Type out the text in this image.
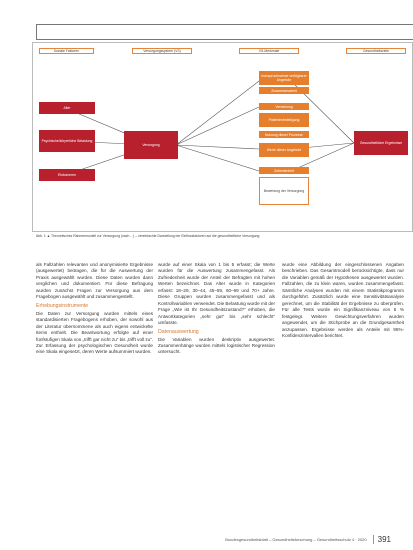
Soziale Faktoren	Versorgungssystem (VS)	VS-Merkmale	Gesundheitsziele
Alter
Psychische/körperliche Belastung
Einkommen
Versorgung
Inanspruchnahme verfügbarer Angebote
Zusammenarbeit
Vernetzung
Patientenbeteiligung
Nutzung dieser Prozesse
Werte dieser Angebote
Zufriedenheit
Bewertung der Versorgung
Gesundheitliche Ergebnisse
Abb. 1 ▲ Theoretisches Rahmenmodell zur Versorgung (nach ...) – vereinfachte Darstellung der Einflussfaktoren auf die gesundheitliche Versorgung

als Fallzahlen relevanten und anonymisierte Ergebnisse (ausgewertet) beitragen, die für die Auswertung der Praxis ausgewählt wurden. Diese Daten wurden dann verglichen und dokumentiert. Für diese Befragung wurden zunächst Fragen zur Versorgung aus dem Fragebogen ausgewählt und zusammengestellt.

Erhebungsinstrumente

Die Daten zur Versorgung wurden mittels eines standardisierten Fragebogens erhoben, der sowohl aus der Literatur übernommene als auch eigens entwickelte Items enthielt. Die Beantwortung erfolgte auf einer fünfstufigen Skala von „trifft gar nicht zu“ bis „trifft voll zu“. Zur Erfassung der psychologischen Gesundheit wurde eine Skala eingesetzt, deren Werte aufsummiert wurden.

wurde auf einer Skala von 1 bis 5 erfasst; die Werte wurden für die Auswertung zusammengefasst. Als Zufriedenheit wurde der Anteil der Befragten mit hohen Werten bezeichnet. Das Alter wurde in Kategorien erfasst: 18–29, 30–44, 45–59, 60–69 und 70+ Jahre. Diese Gruppen wurden zusammengefasst und als Kontrollvariablen verwendet. Die Belastung wurde mit der Frage „Wie ist Ihr Gesundheitszustand?“ erhoben, die Antwortkategorien „sehr gut“ bis „sehr schlecht“ umfasste.

Datenauswertung

Die Variablen wurden deskriptiv ausgewertet. Zusammenhänge wurden mittels logistischer Regression untersucht.

wurde eine Abbildung der eingeschlossenen Angaben beschrieben. Das Gesamtmodell berücksichtigte, dass nur die Variablen gemäß der Hypothesen ausgewertet wurden. Fallzahlen, die zu klein waren, wurden zusammengefasst. Sämtliche Analysen wurden mit einem Statistikprogramm durchgeführt. Zusätzlich wurde eine Sensitivitätsanalyse gerechnet, um die Stabilität der Ergebnisse zu überprüfen. Für alle Tests wurde ein Signifikanzniveau von 5 % festgelegt. Weitere Gewichtungsverfahren wurden angewendet, um die Stichprobe an die Grundgesamtheit anzupassen. Ergebnisse werden als Anteile mit 95%-Konfidenzintervallen berichtet.

Bundesgesundheitsblatt – Gesundheitsforschung – Gesundheitsschutz 4 · 2020	391
